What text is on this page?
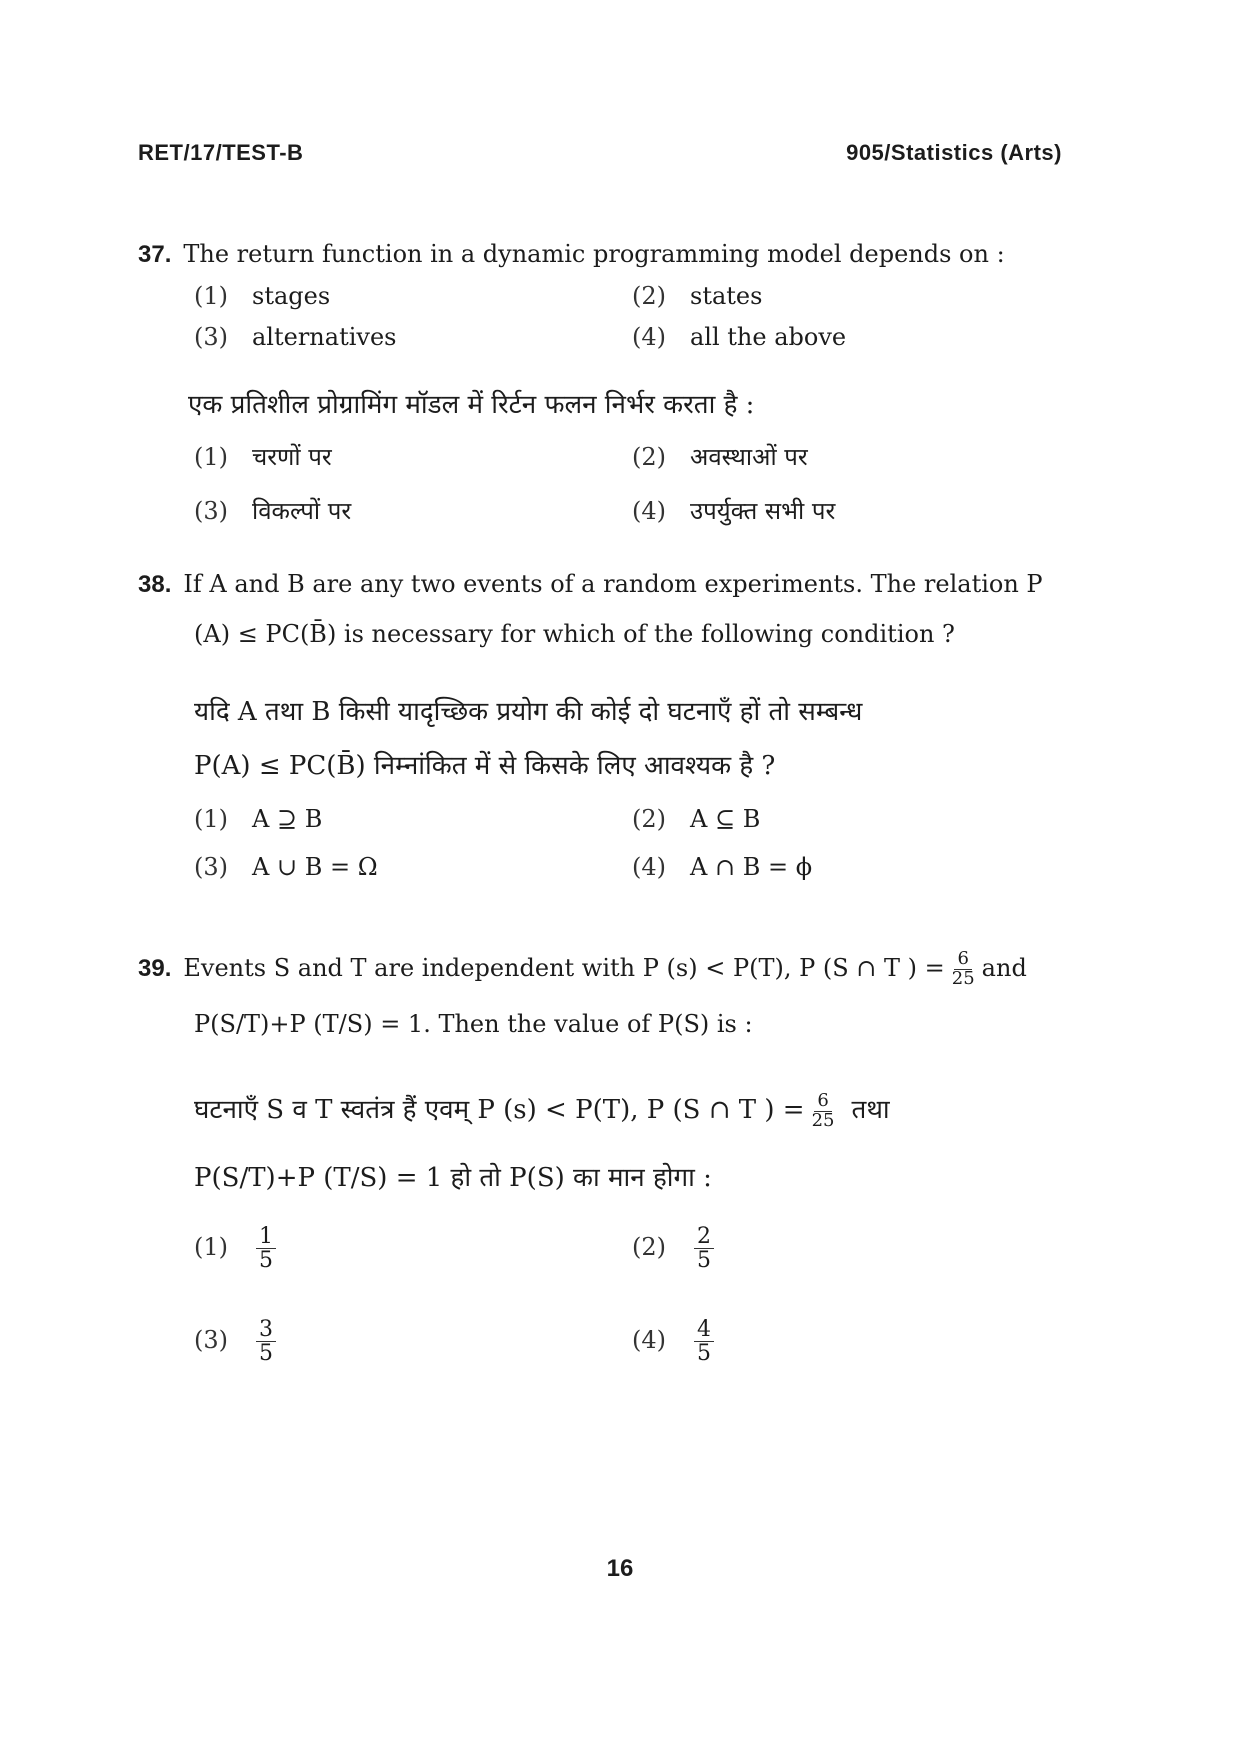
RET/17/TEST-B	905/Statistics (Arts)
37. The return function in a dynamic programming model depends on :
(1) stages	(2) states
(3) alternatives	(4) all the above
एक प्रतिशील प्रोग्रामिंग मॉडल में रिर्टन फलन निर्भर करता है :
(1) चरणों पर	(2) अवस्थाओं पर
(3) विकल्पों पर	(4) उपर्युक्त सभी पर
38. If A and B are any two events of a random experiments. The relation P
(A) ≤ PC(B̄) is necessary for which of the following condition ?
यदि A तथा B किसी यादृच्छिक प्रयोग की कोई दो घटनाएँ हों तो सम्बन्ध
P(A) ≤ PC(B̄) निम्नांकित में से किसके लिए आवश्यक है ?
(1) A ⊇ B	(2) A ⊆ B
(3) A ∪ B = Ω	(4) A ∩ B = ϕ
39. Events S and T are independent with P (s) < P(T), P (S ∩ T ) = $\frac{6}{25}$ and
P(S/T)+P (T/S) = 1. Then the value of P(S) is :
घटनाएँ S व T स्वतंत्र हैं एवम् P (s) < P(T), P (S ∩ T ) = $\frac{6}{25}$ तथा
P(S/T)+P (T/S) = 1 हो तो P(S) का मान होगा :
$(1) \frac{1}{5}$	$(2) \frac{2}{5}$
$(3) \frac{3}{5}$	$(4) \frac{4}{5}$
16
